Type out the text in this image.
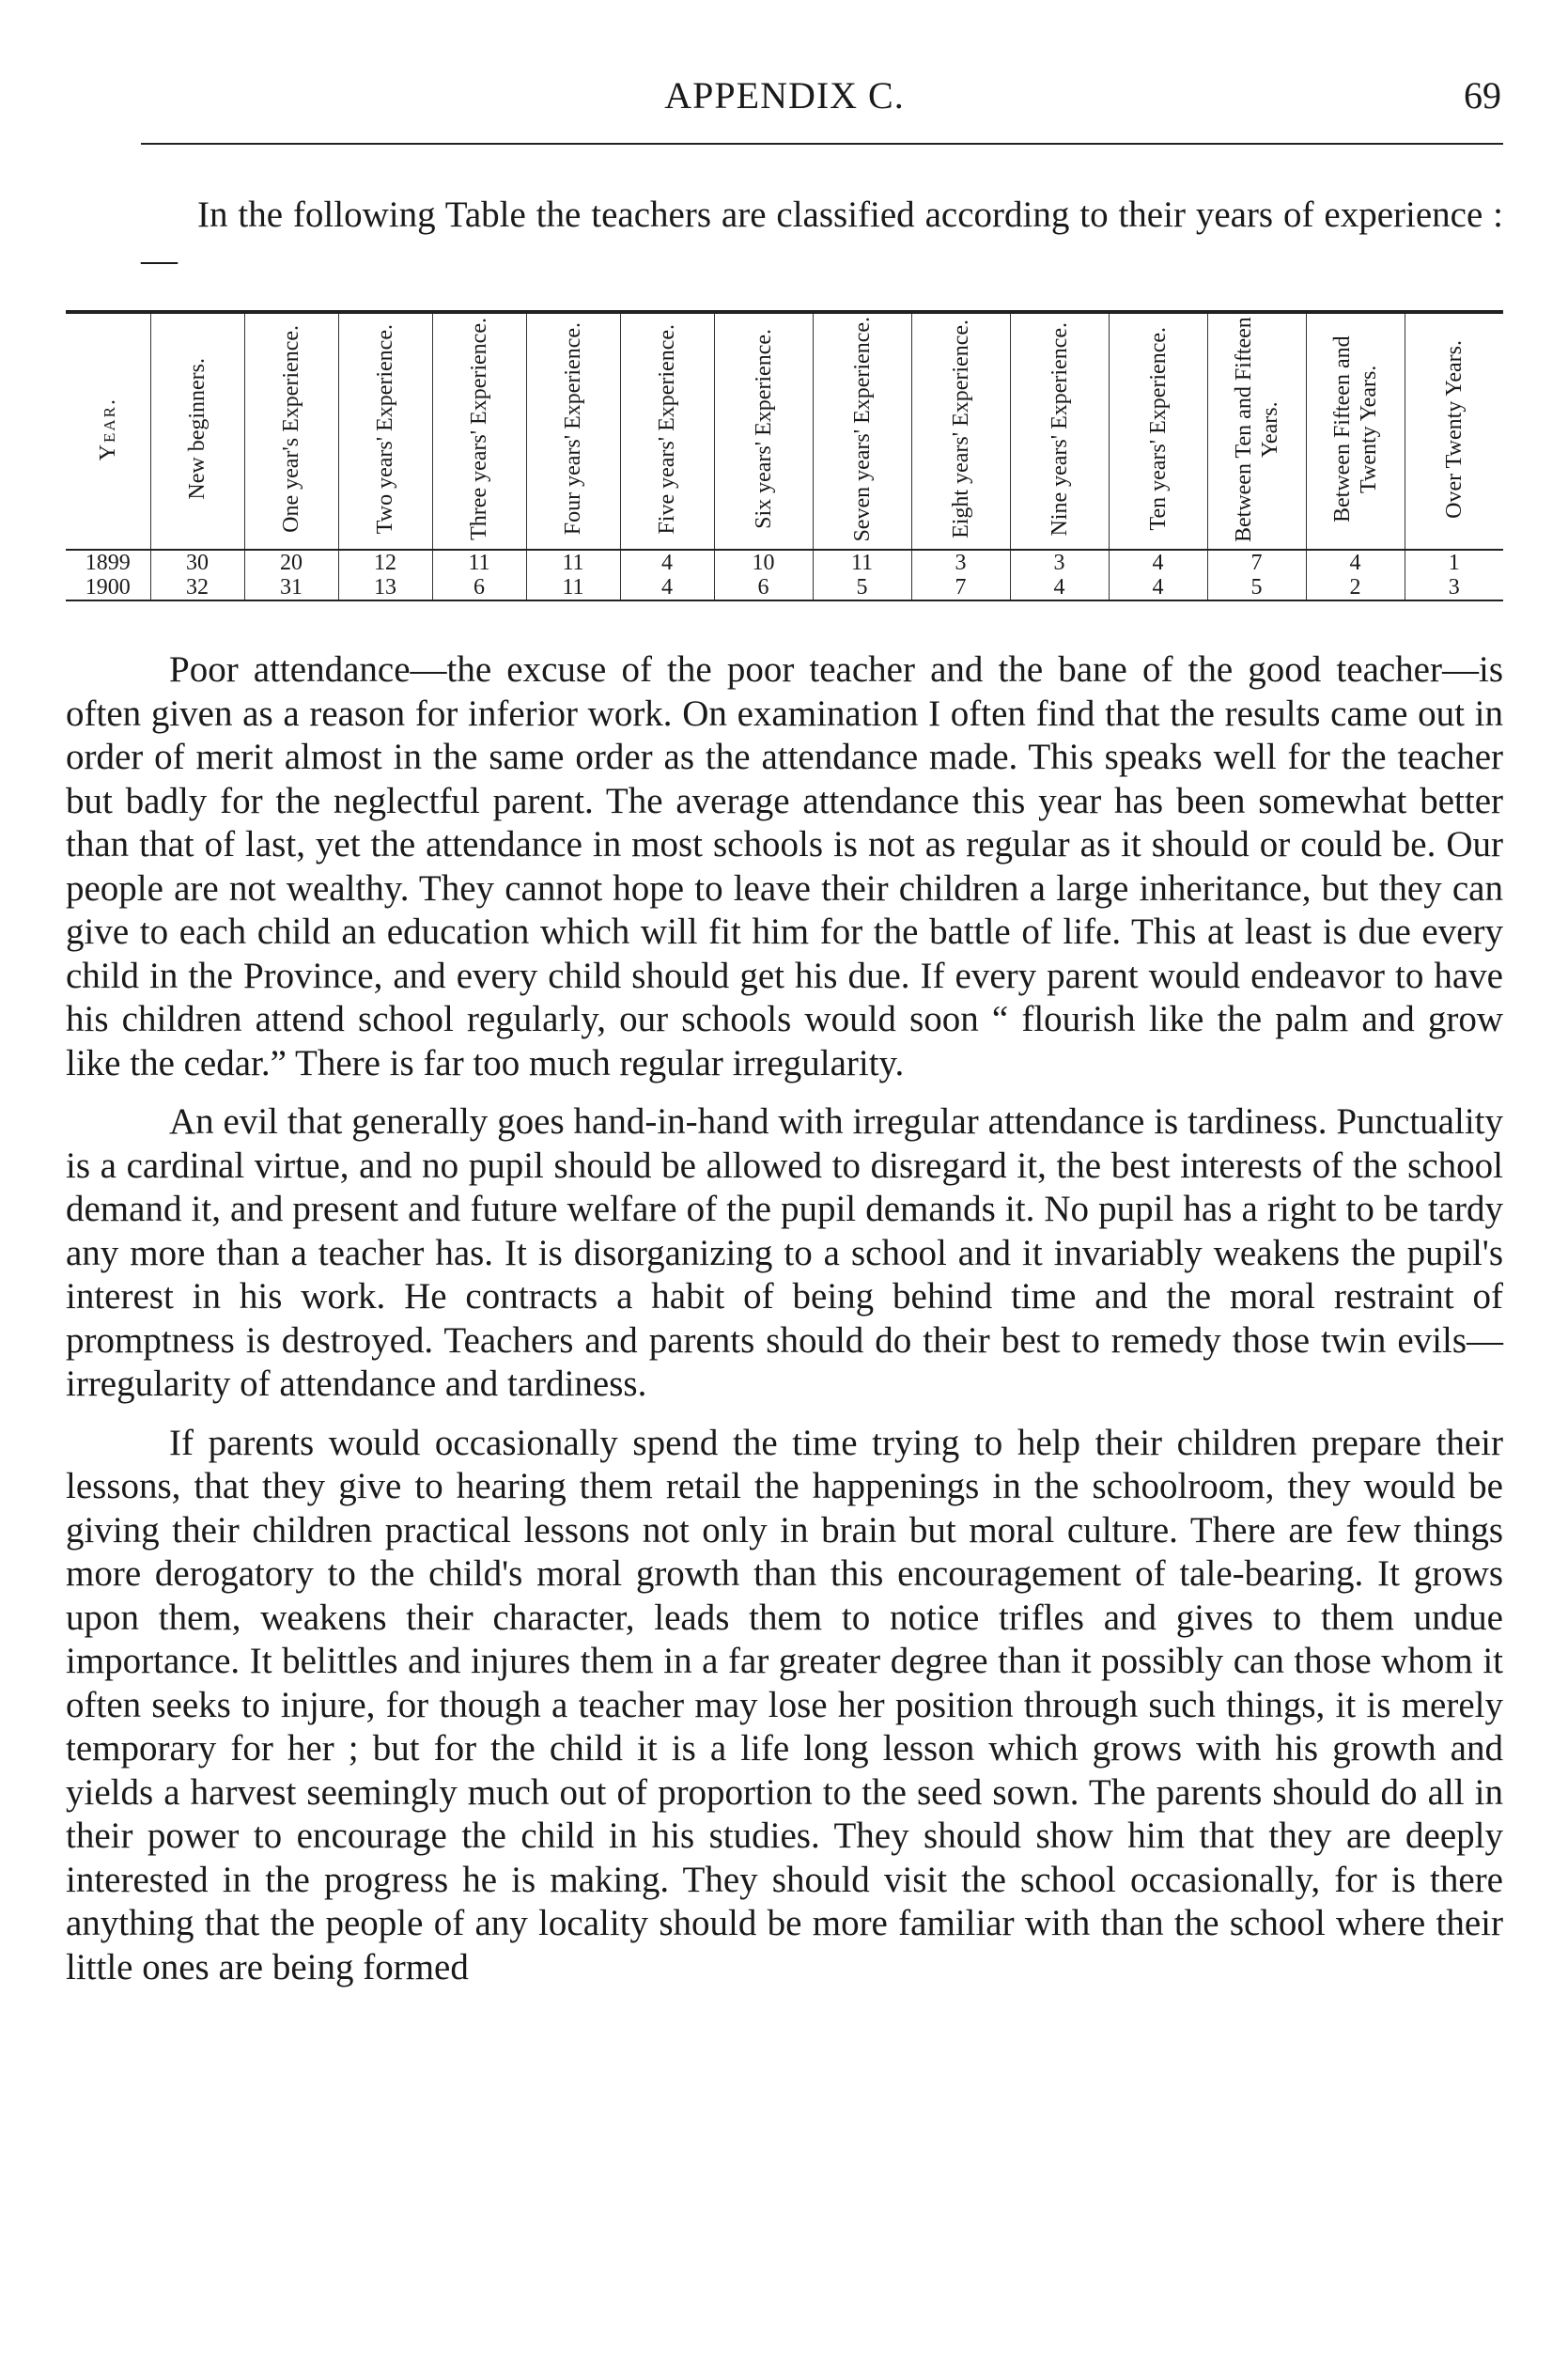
APPENDIX C.	69

In the following Table the teachers are classified according to their years of experience :—

Year.	New beginners.	One year's Experience.	Two years' Experience.	Three years' Experience.	Four years' Experience.	Five years' Experience.	Six years' Experience.	Seven years' Experience.	Eight years' Experience.	Nine years' Experience.	Ten years' Experience.	Between Ten and Fifteen Years.	Between Fifteen and Twenty Years.	Over Twenty Years.
1899	30	20	12	11	11	4	10	11	3	3	4	7	4	1
1900	32	31	13	6	11	4	6	5	7	4	4	5	2	3

Poor attendance—the excuse of the poor teacher and the bane of the good teacher—is often given as a reason for inferior work. On examination I often find that the results came out in order of merit almost in the same order as the attendance made. This speaks well for the teacher but badly for the neglectful parent. The average attendance this year has been somewhat better than that of last, yet the attendance in most schools is not as regular as it should or could be. Our people are not wealthy. They cannot hope to leave their children a large inheritance, but they can give to each child an education which will fit him for the battle of life. This at least is due every child in the Province, and every child should get his due. If every parent would endeavor to have his children attend school regularly, our schools would soon “ flourish like the palm and grow like the cedar.” There is far too much regular irregularity.

An evil that generally goes hand-in-hand with irregular attendance is tardiness. Punctuality is a cardinal virtue, and no pupil should be allowed to disregard it, the best interests of the school demand it, and present and future welfare of the pupil demands it. No pupil has a right to be tardy any more than a teacher has. It is disorganizing to a school and it invariably weakens the pupil's interest in his work. He contracts a habit of being behind time and the moral restraint of promptness is destroyed. Teachers and parents should do their best to remedy those twin evils—irregularity of attendance and tardiness.

If parents would occasionally spend the time trying to help their children prepare their lessons, that they give to hearing them retail the happenings in the schoolroom, they would be giving their children practical lessons not only in brain but moral culture. There are few things more derogatory to the child's moral growth than this encouragement of tale-bearing. It grows upon them, weakens their character, leads them to notice trifles and gives to them undue importance. It belittles and injures them in a far greater degree than it possibly can those whom it often seeks to injure, for though a teacher may lose her position through such things, it is merely temporary for her ; but for the child it is a life long lesson which grows with his growth and yields a harvest seemingly much out of proportion to the seed sown. The parents should do all in their power to encourage the child in his studies. They should show him that they are deeply interested in the progress he is making. They should visit the school occasionally, for is there anything that the people of any locality should be more familiar with than the school where their little ones are being formed
